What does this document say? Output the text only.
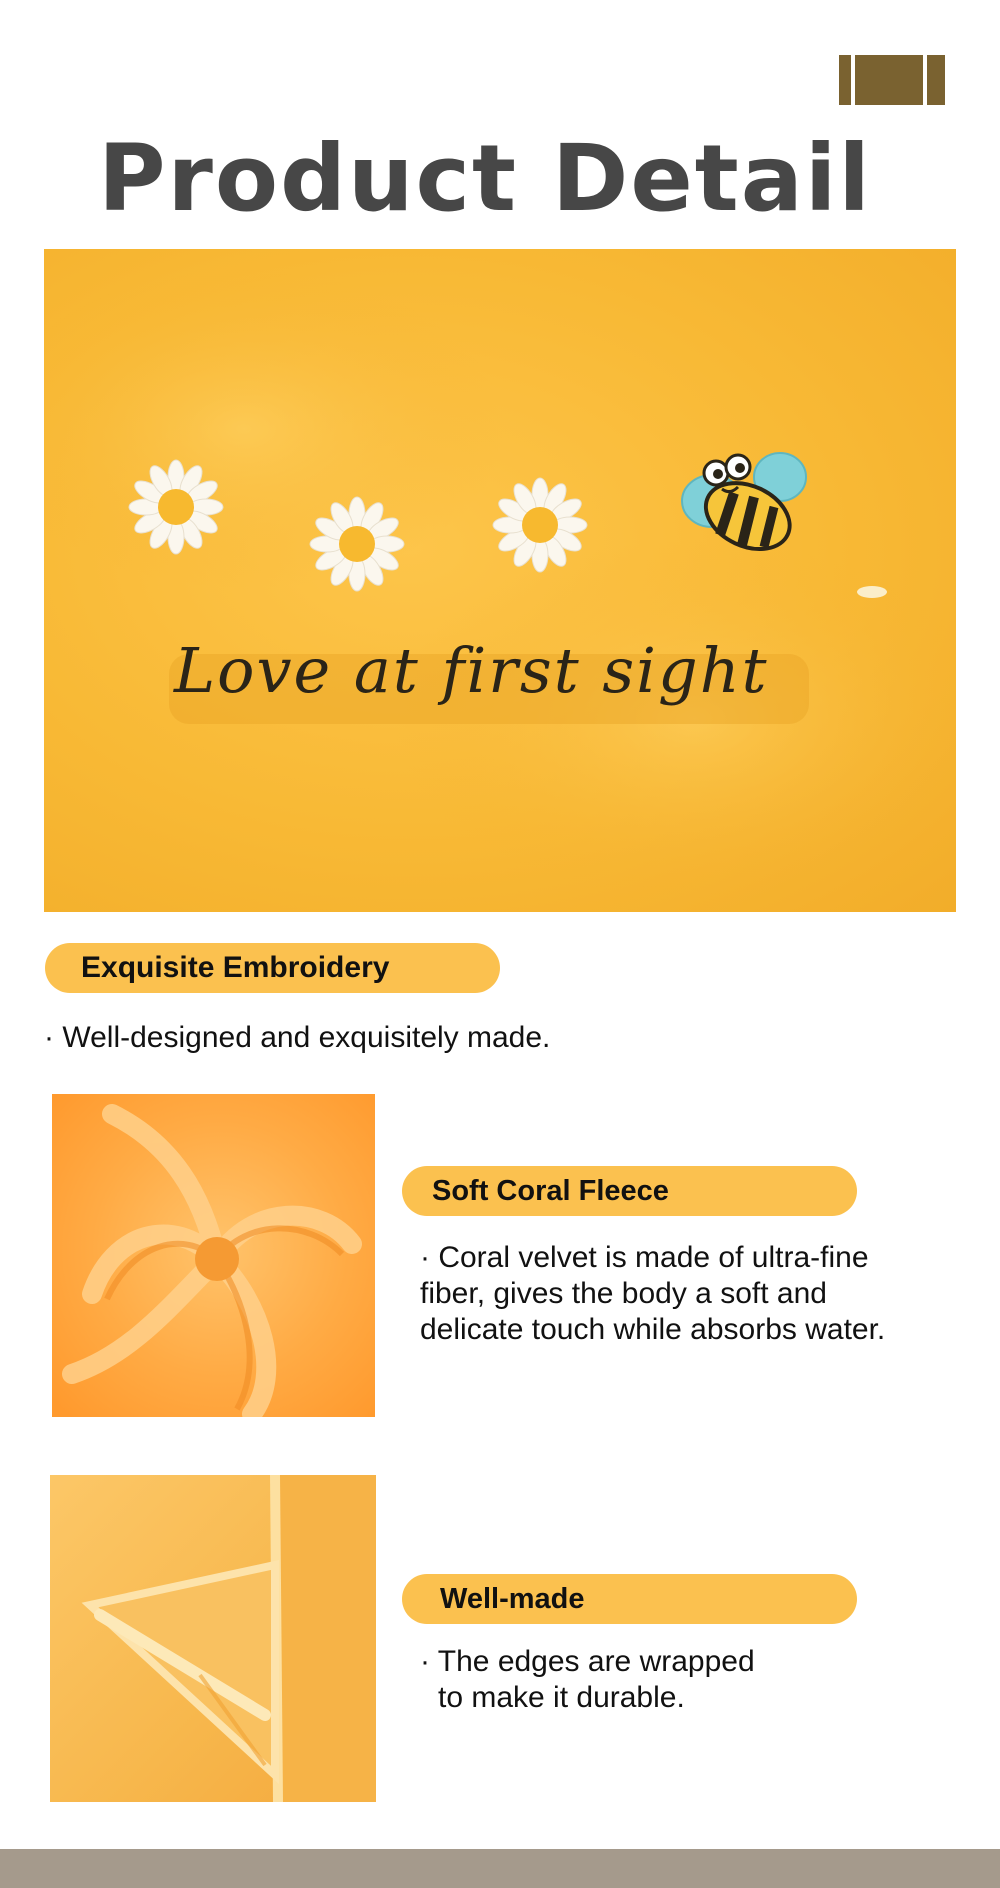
Product Detail
Love at first sight
Exquisite Embroidery

· Well-designed and exquisitely made.

Soft Coral Fleece

· Coral velvet is made of ultra-fine

fiber, gives the body a soft and

delicate touch while absorbs water.

Well-made

· The edges are wrapped

to make it durable.
